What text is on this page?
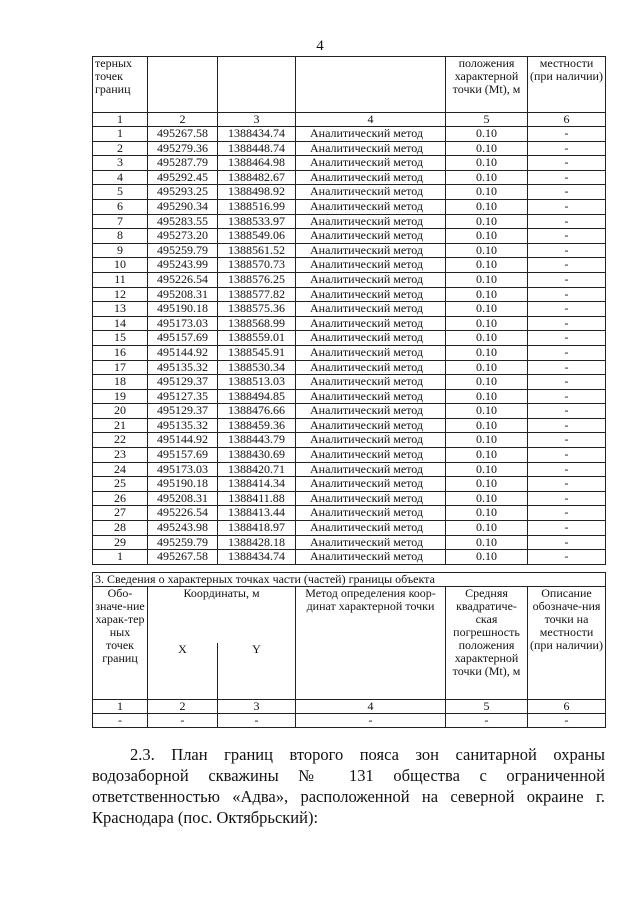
4
терных точек границ				положения характерной точки (Mt), м	местности (при наличии)
1	2	3	4	5	6
1	495267.58	1388434.74	Аналитический метод	0.10	-
2	495279.36	1388448.74	Аналитический метод	0.10	-
3	495287.79	1388464.98	Аналитический метод	0.10	-
4	495292.45	1388482.67	Аналитический метод	0.10	-
5	495293.25	1388498.92	Аналитический метод	0.10	-
6	495290.34	1388516.99	Аналитический метод	0.10	-
7	495283.55	1388533.97	Аналитический метод	0.10	-
8	495273.20	1388549.06	Аналитический метод	0.10	-
9	495259.79	1388561.52	Аналитический метод	0.10	-
10	495243.99	1388570.73	Аналитический метод	0.10	-
11	495226.54	1388576.25	Аналитический метод	0.10	-
12	495208.31	1388577.82	Аналитический метод	0.10	-
13	495190.18	1388575.36	Аналитический метод	0.10	-
14	495173.03	1388568.99	Аналитический метод	0.10	-
15	495157.69	1388559.01	Аналитический метод	0.10	-
16	495144.92	1388545.91	Аналитический метод	0.10	-
17	495135.32	1388530.34	Аналитический метод	0.10	-
18	495129.37	1388513.03	Аналитический метод	0.10	-
19	495127.35	1388494.85	Аналитический метод	0.10	-
20	495129.37	1388476.66	Аналитический метод	0.10	-
21	495135.32	1388459.36	Аналитический метод	0.10	-
22	495144.92	1388443.79	Аналитический метод	0.10	-
23	495157.69	1388430.69	Аналитический метод	0.10	-
24	495173.03	1388420.71	Аналитический метод	0.10	-
25	495190.18	1388414.34	Аналитический метод	0.10	-
26	495208.31	1388411.88	Аналитический метод	0.10	-
27	495226.54	1388413.44	Аналитический метод	0.10	-
28	495243.98	1388418.97	Аналитический метод	0.10	-
29	495259.79	1388428.18	Аналитический метод	0.10	-
1	495267.58	1388434.74	Аналитический метод	0.10	-
3. Сведения о характерных точках части (частей) границы объекта					
Обо-значе-ние харак-тер ных точек границ	Координаты, м		Метод определения коор-динат характерной точки	Средняя квадратиче-ская погрешность положения характерной точки (Mt), м	Описание обозначе-ния точки на местности (при наличии)
	X	Y			
1	2	3	4	5	6
-	-	-	-	-	-
2.3. План границ второго пояса зон санитарной охраны водозаборной скважины № 131 общества с ограниченной ответственностью «Адва», расположенной на северной окраине г. Краснодара (пос. Октябрьский):
